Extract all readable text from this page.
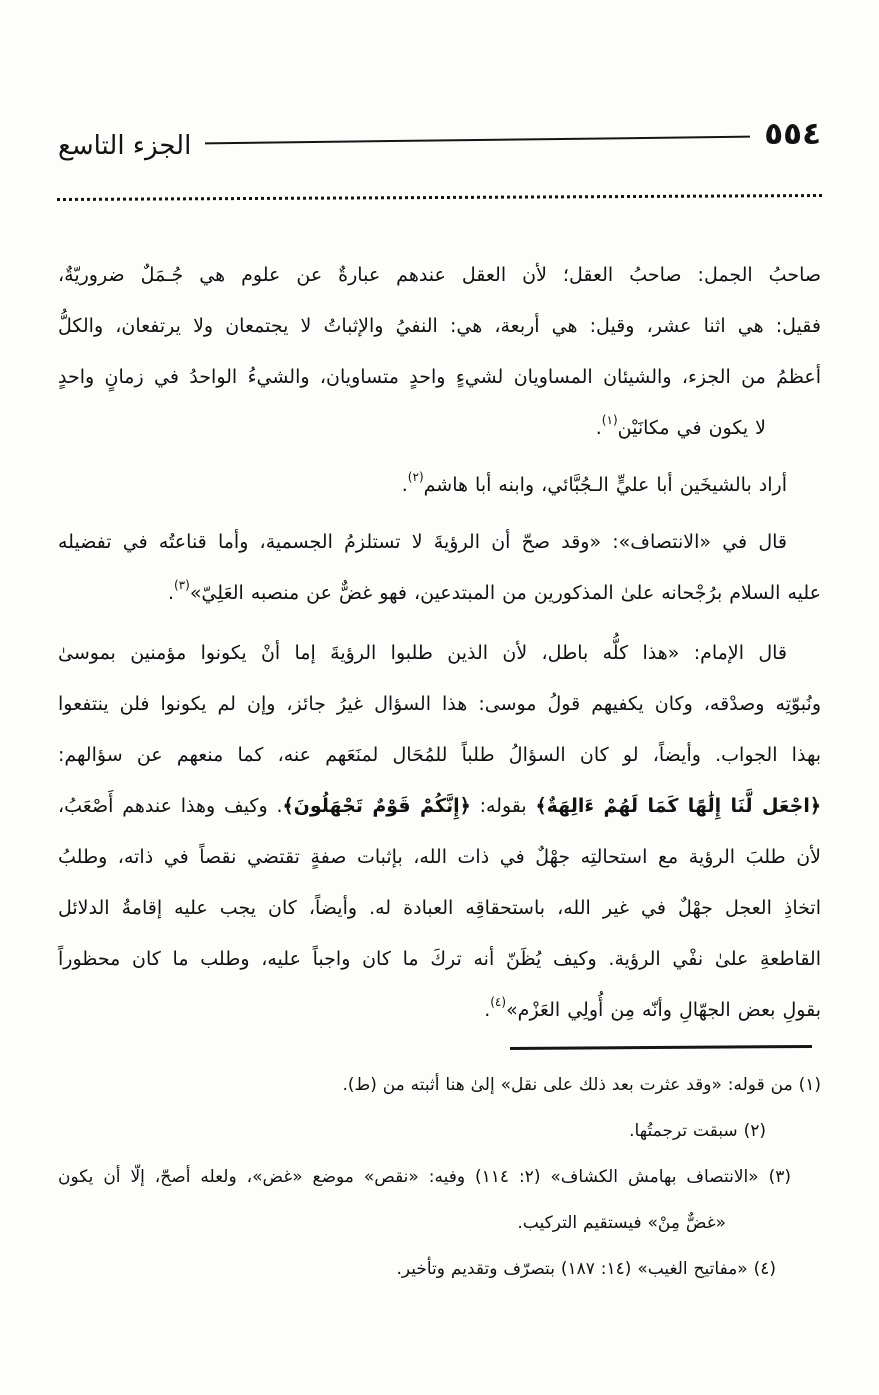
٥٥٤
الجزء التاسع
صاحبُ الجمل: صاحبُ العقل؛ لأن العقل عندهم عبارةٌ عن علوم هي جُـمَلٌ ضروريّةٌ،
فقيل: هي اثنا عشر، وقيل: هي أربعة، هي: النفيُ والإثباتُ لا يجتمعان ولا يرتفعان، والكلُّ
أعظمُ من الجزء، والشيئان المساويان لشيءٍ واحدٍ متساويان، والشيءُ الواحدُ في زمانٍ واحدٍ
لا يكون في مكانَيْن$^{(١)}$.
أراد بالشيخَين أبا عليٍّ الـجُبَّائي، وابنه أبا هاشم$^{(٢)}$.
قال في «الانتصاف»: «وقد صحّ أن الرؤيةَ لا تستلزمُ الجسمية، وأما قناعتُه في تفضيله
عليه السلام برُجْحانه علىٰ المذكورين من المبتدعين، فهو غضٌّ عن منصبه العَلِيّ»$^{(٣)}$.
قال الإمام: «هذا كلُّه باطل، لأن الذين طلبوا الرؤيةَ إما أنْ يكونوا مؤمنين بموسىٰ
ونُبوّتِه وصدْقه، وكان يكفيهم قولُ موسى: هذا السؤال غيرُ جائز، وإن لم يكونوا فلن ينتفعوا
بهذا الجواب. وأيضاً، لو كان السؤالُ طلباً للمُحَال لمنَعَهم عنه، كما منعهم عن سؤالهم:
﴿اجْعَل لَّنَا إِلَٰهًا كَمَا لَهُمْ ءَالِهَةٌ﴾ بقوله: ﴿إِنَّكُمْ قَوْمٌ تَجْهَلُونَ﴾. وكيف وهذا عندهم أَصْعَبُ،
لأن طلبَ الرؤية مع استحالتِه جهْلٌ في ذات الله، بإثبات صفةٍ تقتضي نقصاً في ذاته، وطلبُ
اتخاذِ العجل جهْلٌ في غير الله، باستحقاقِه العبادة له. وأيضاً، كان يجب عليه إقامةُ الدلائل
القاطعةِ علىٰ نفْي الرؤية. وكيف يُظَنّ أنه تركَ ما كان واجباً عليه، وطلب ما كان محظوراً
بقولِ بعض الجهّالِ وأنّه مِن أُولِي العَزْم»$^{(٤)}$.
(١) من قوله: «وقد عثرت بعد ذلك على نقل» إلىٰ هنا أثبته من (ط).
(٢) سبقت ترجمتُها.
(٣) «الانتصاف بهامش الكشاف» (٢: ١١٤) وفيه: «نقص» موضع «غض»، ولعله أصحّ، إلّا أن يكون
«غضٌّ مِنْ» فيستقيم التركيب.
(٤) «مفاتيح الغيب» (١٤: ١٨٧) بتصرّف وتقديم وتأخير.
